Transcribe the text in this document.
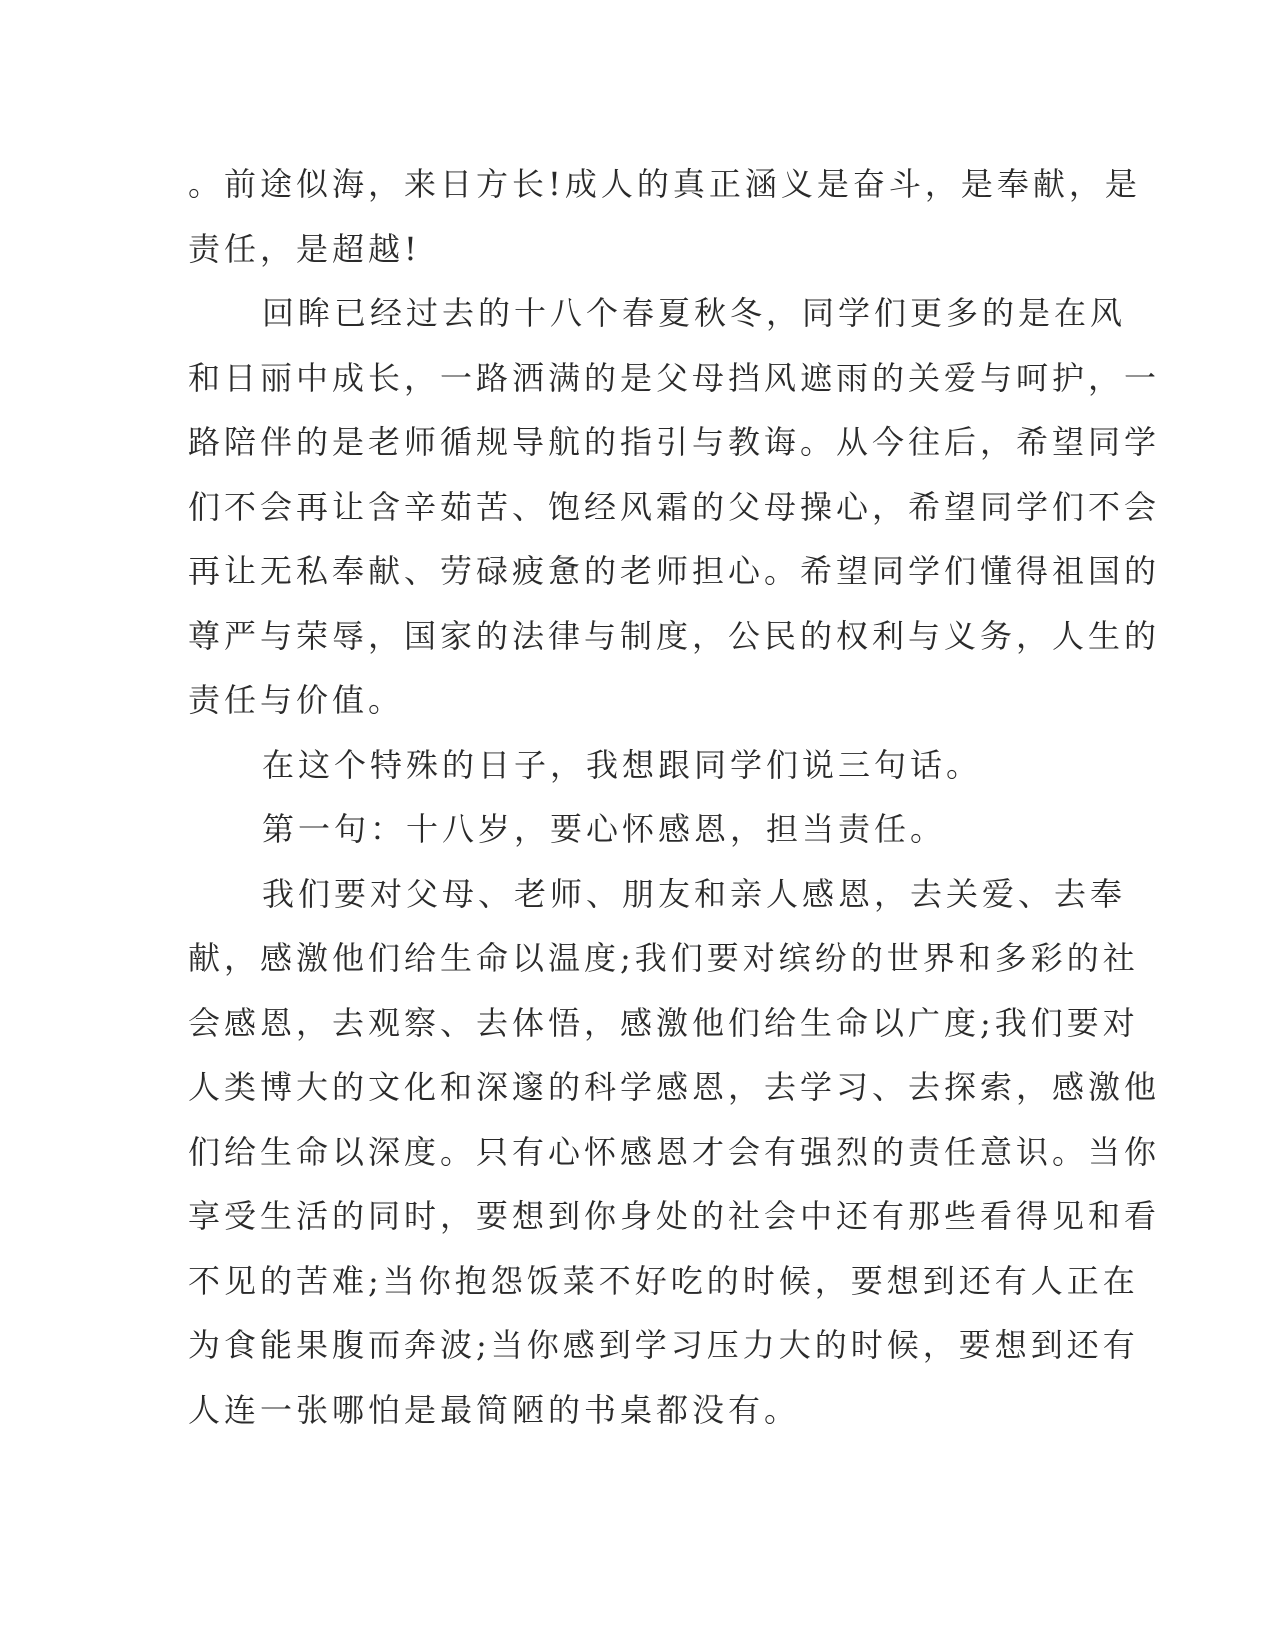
。前途似海，来日方长!成人的真正涵义是奋斗，是奉献，是
责任，是超越!
回眸已经过去的十八个春夏秋冬，同学们更多的是在风
和日丽中成长，一路洒满的是父母挡风遮雨的关爱与呵护，一
路陪伴的是老师循规导航的指引与教诲。从今往后，希望同学
们不会再让含辛茹苦、饱经风霜的父母操心，希望同学们不会
再让无私奉献、劳碌疲惫的老师担心。希望同学们懂得祖国的
尊严与荣辱，国家的法律与制度，公民的权利与义务，人生的
责任与价值。
在这个特殊的日子，我想跟同学们说三句话。
第一句：十八岁，要心怀感恩，担当责任。
我们要对父母、老师、朋友和亲人感恩，去关爱、去奉
献，感激他们给生命以温度;我们要对缤纷的世界和多彩的社
会感恩，去观察、去体悟，感激他们给生命以广度;我们要对
人类博大的文化和深邃的科学感恩，去学习、去探索，感激他
们给生命以深度。只有心怀感恩才会有强烈的责任意识。当你
享受生活的同时，要想到你身处的社会中还有那些看得见和看
不见的苦难;当你抱怨饭菜不好吃的时候，要想到还有人正在
为食能果腹而奔波;当你感到学习压力大的时候，要想到还有
人连一张哪怕是最简陋的书桌都没有。
